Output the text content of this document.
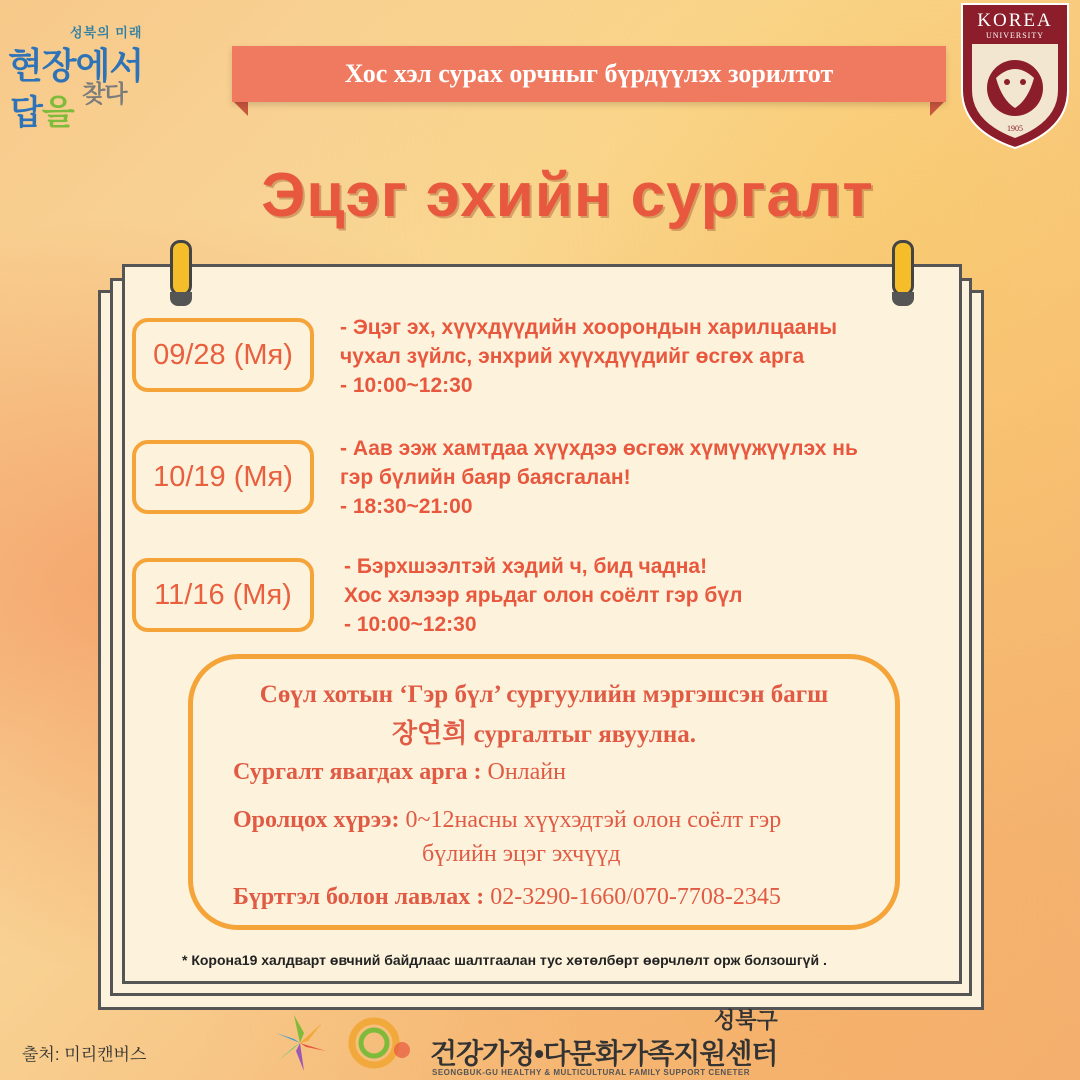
성북의 미래
현장에서
답을 $^{찾다}$
Хос хэл сурах орчныг бүрдүүлэх зорилтот
KOREA
UNIVERSITY
1905
Эцэг эхийн сургалт
09/28 (Мя)
- Эцэг эх, хүүхдүүдийн хоорондын харилцааны
чухал зүйлс, энхрий хүүхдүүдийг өсгөх арга
- 10:00~12:30
10/19 (Мя)
- Аав ээж хамтдаа хүүхдээ өсгөж хүмүүжүүлэх нь
гэр бүлийн баяр баясгалан!
- 18:30~21:00
11/16 (Мя)
- Бэрхшээлтэй хэдий ч, бид чадна!
Хос хэлээр ярьдаг олон соёлт гэр бүл
- 10:00~12:30
Сөүл хотын ‘Гэр бүл’ сургуулийн мэргэшсэн багш
장연희 сургалтыг явуулна.
Сургалт явагдах арга : Онлайн
Оролцох хүрээ: 0~12насны хүүхэдтэй олон соёлт гэр
бүлийн эцэг эхчүүд
Бүртгэл болон лавлах : 02-3290-1660/070-7708-2345
* Корона19 халдварт өвчний байдлаас шалтгаалан тус хөтөлбөрт өөрчлөлт орж болзошгүй .
출처: 미리캔버스
성북구
건강가정•다문화가족지원센터
SEONGBUK-GU HEALTHY & MULTICULTURAL FAMILY SUPPORT CENETER
